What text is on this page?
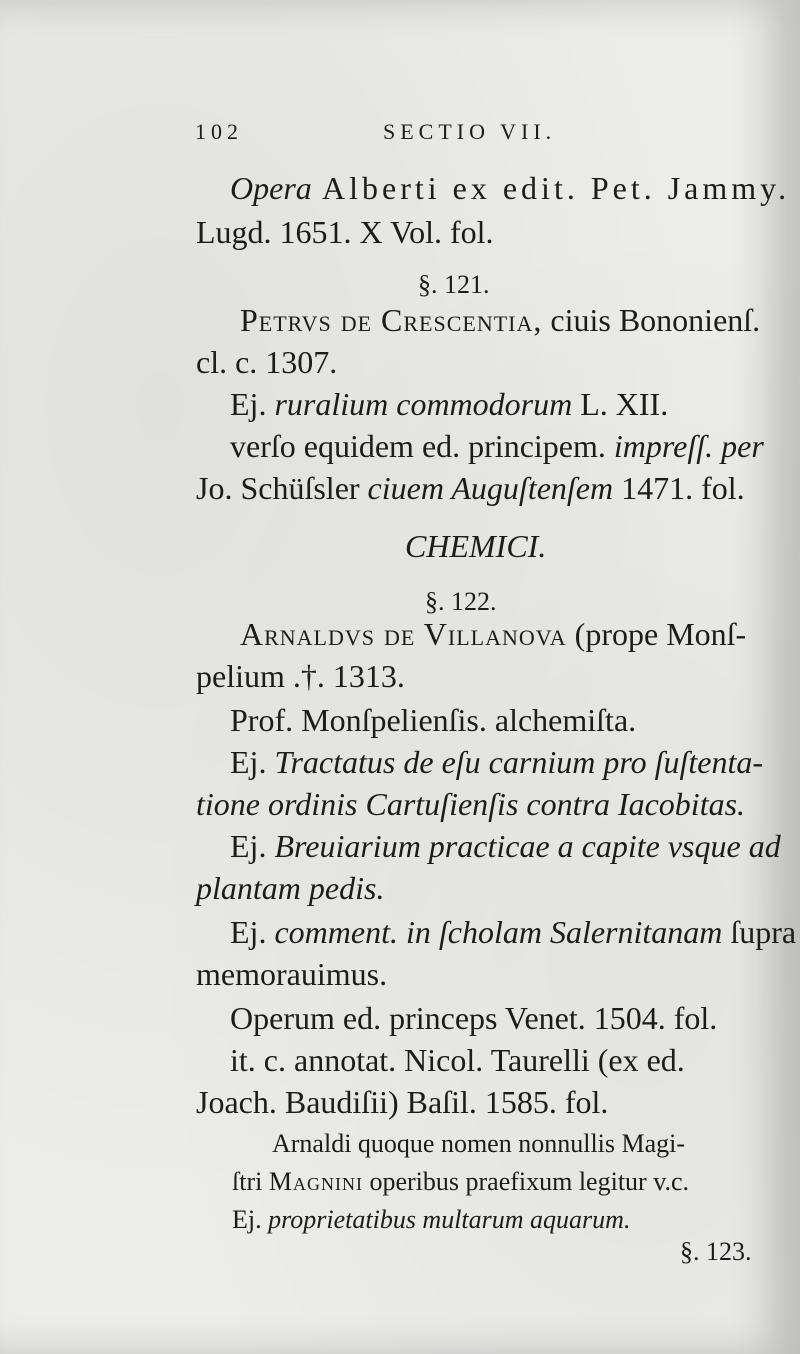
102	SECTIO VII.
Opera Alberti ex edit. Pet. Jammy.
Lugd. 1651. X Vol. fol.
§. 121.
Petrvs de Crescentia, ciuis Bononienſ.
cl. c. 1307.
Ej. ruralium commodorum L. XII.
verſo equidem ed. principem. impreſſ. per
Jo. Schüſsler ciuem Auguſtenſem 1471. fol.
CHEMICI.
§. 122.
Arnaldvs de Villanova (prope Monſ-
pelium .†. 1313.
Prof. Monſpelienſis. alchemiſta.
Ej. Tractatus de eſu carnium pro ſuſtenta-
tione ordinis Cartuſienſis contra Iacobitas.
Ej. Breuiarium practicae a capite vsque ad
plantam pedis.
Ej. comment. in ſcholam Salernitanam ſupra
memorauimus.
Operum ed. princeps Venet. 1504. fol.
it. c. annotat. Nicol. Taurelli (ex ed.
Joach. Baudiſii) Baſil. 1585. fol.
Arnaldi quoque nomen nonnullis Magi-
ſtri Magnini operibus praefixum legitur v.c.
Ej. proprietatibus multarum aquarum.
§. 123.
